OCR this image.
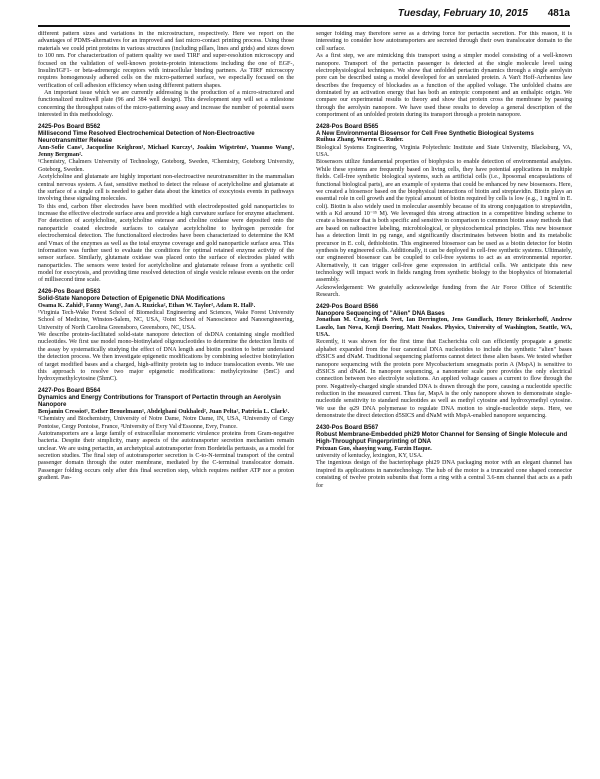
Tuesday, February 10, 2015 481a

different pattern sizes and variations in the microstructure, respectively. Here we report on the advantages of PDMS-alternatives for an improved and fast micro-contact printing process. Using those materials we could print proteins in various structures (including pillars, lines and grids) and sizes down to 100 nm. For characterization of pattern quality we used TIRF and super-resolution microscopy and focused on the validation of well-known protein-protein interactions including the one of EGF-, Insulin/IGF1- or beta-adrenergic receptors with intracellular binding partners. As TIRF microscopy requires homogenously adhered cells on the micro-patterned surface, we especially focused on the verification of cell adhesion efficiency when using different pattern shapes.

An important issue which we are currently addressing is the production of a micro-structured and functionalized multiwell plate (96 and 384 well design). This development step will set a milestone concerning the throughput rates of the micro-patterning assay and increase the number of potential users interested in this methodology.

2425-Pos Board B562
Millisecond Time Resolved Electrochemical Detection of Non-Electroactive Neurotransmitter Release

Ann-Sofie Cans¹, Jacqueline Keighron¹, Michael Kurczy¹, Joakim Wigström¹, Yuanmo Wang¹, Jenny Bergman².

¹Chemistry, Chalmers University of Technology, Goteborg, Sweden, ²Chemistry, Goteborg University, Goteborg, Sweden.

Acetylcholine and glutamate are highly important non-electroactive neurotransmitter in the mammalian central nervous system. A fast, sensitive method to detect the release of acetylcholine and glutamate at the surface of a single cell is needed to gather data about the kinetics of exocytosis events in pathways involving these signaling molecules.

To this end, carbon fiber electrodes have been modified with electrodeposited gold nanoparticles to increase the effective electrode surface area and provide a high curvature surface for enzyme attachment. For detection of acetylcholine, acetylcholine esterase and choline oxidase were deposited onto the nanoparticle coated electrode surfaces to catalyze acetylcholine to hydrogen peroxide for electrochemical detection. The functionalized electrodes have been characterized to determine the KM and Vmax of the enzymes as well as the total enzyme coverage and gold nanoparticle surface area. This information was further used to evaluate the conditions for optimal retained enzyme activity of the sensor surface. Similarly, glutamate oxidase was placed onto the surface of electrodes plated with nanoparticles. The sensors were tested for acetylcholine and glutamate release from a synthetic cell model for exocytosis, and providing time resolved detection of single vesicle release events on the order of millisecond time scale.

2426-Pos Board B563
Solid-State Nanopore Detection of Epigenetic DNA Modifications

Osama K. Zahid¹, Fanny Wang¹, Jan A. Ruzicka², Ethan W. Taylor², Adam R. Hall¹.

¹Virginia Tech-Wake Forest School of Biomedical Engineering and Sciences, Wake Forest University School of Medicine, Winston-Salem, NC, USA, ²Joint School of Nanoscience and Nanoengineering, University of North Carolina Greensboro, Greensboro, NC, USA.

We describe protein-facilitated solid-state nanopore detection of dsDNA containing single modified nucleotides. We first use model mono-biotinylated oligonucleotides to determine the detection limits of the assay by systematically studying the effect of DNA length and biotin position to better understand the detection process. We then investigate epigenetic modifications by combining selective biotinylation of target modified bases and a charged, high-affinity protein tag to induce translocation events. We use this approach to resolve two major epigenetic modifications: methylcytosine (5mC) and hydroxymethylcytosine (5hmC).

2427-Pos Board B564
Dynamics and Energy Contributions for Transport of Pertactin through an Aerolysin Nanopore

Benjamin Cressiot¹, Esther Brouelmann¹, Abdelghani Oukhaled², Juan Pelta², Patricia L. Clark¹.

¹Chemistry and Biochemistry, University of Notre Dame, Notre Dame, IN, USA, ²University of Cergy Pontoise, Cergy Pontoise, France, ³University of Evry Val d'Essonne, Evry, France.

Autotransporters are a large family of extracellular monomeric virulence proteins from Gram-negative bacteria. Despite their simplicity, many aspects of the autotransporter secretion mechanism remain unclear. We are using pertactin, an archetypical autotransporter from Bordetella pertussis, as a model for secretion studies. The final step of autotransporter secretion is C-to-N-terminal transport of the central passenger domain through the outer membrane, mediated by the C-terminal translocator domain. Passenger folding occurs only after this final secretion step, which requires neither ATP nor a proton gradient. Pas-

senger folding may therefore serve as a driving force for pertactin secretion. For this reason, it is interesting to consider how autotransporters are secreted through their own translocator domain to the cell surface.

As a first step, we are mimicking this transport using a simpler model consisting of a well-known nanopore. Transport of the pertactin passenger is detected at the single molecule level using electrophysiological techniques. We show that unfolded pertactin dynamics through a single aerolysin pore can be described using a model developed for an unrelated protein. A Van't Hoff-Arrhenius law describes the frequency of blockades as a function of the applied voltage. The unfolded chains are dominated by an activation energy that has both an entropic component and an enthalpic origin. We compare our experimental results to theory and show that protein cross the membrane by passing through the aerolysin nanopore. We have used these results to develop a general description of the comportment of an unfolded protein during its transport through a protein nanopore.

2428-Pos Board B565
A New Environmental Biosensor for Cell Free Synthetic Biological Systems

Ruihua Zhang, Warren C. Ruder.

Biological Systems Engineering, Virginia Polytechnic Institute and State University, Blacksburg, VA, USA.

Biosensors utilize fundamental properties of biophysics to enable detection of environmental analytes. While these systems are frequently based on living cells, they have potential applications in multiple fields. Cell-free synthetic biological systems, such as artificial cells (i.e., liposomal encapsulations of functional biological parts), are an example of systems that could be enhanced by new biosensors. Here, we created a biosensor based on the biophysical interactions of biotin and streptavidin. Biotin plays an essential role in cell growth and the typical amount of biotin required by cells is low (e.g., 1 ng/ml in E. coli). Biotin is also widely used in molecular assembly because of its strong conjugation to streptavidin, with a Kd around 10⁻¹⁵ M). We leveraged this strong attraction in a competitive binding scheme to create a biosensor that is both specific and sensitive in comparison to common biotin assay methods that are based on radioactive labeling, microbiological, or physicochemical principles. This new biosensor has a detection limit in pg range, and significantly discriminates between biotin and its metabolic precursor in E. coli, dethiobiotin. This engineered biosensor can be used as a biotin detector for biotin synthesis by engineered cells. Additionally, it can be deployed in cell-free synthetic systems. Ultimately, our engineered biosensor can be coupled to cell-free systems to act as an environmental reporter. Alternatively, it can trigger cell-free gene expression in artificial cells. We anticipate this new technology will impact work in fields ranging from synthetic biology to the biophysics of biomaterial assembly.

Acknowledgement: We gratefully acknowledge funding from the Air Force Office of Scientific Research.

2429-Pos Board B566
Nanopore Sequencing of "Alien" DNA Bases

Jonathan M. Craig, Mark Svet, Ian Derrington, Jens Gundlach, Henry Brinkerhoff, Andrew Laszlo, Ian Nova, Kenji Doering, Matt Noakes. Physics, University of Washington, Seattle, WA, USA.

Recently, it was shown for the first time that Escherichia coli can efficiently propagate a genetic alphabet expanded from the four canonical DNA nucleotides to include the synthetic "alien" bases d5SICS and dNaM. Traditional sequencing platforms cannot detect these alien bases. We tested whether nanopore sequencing with the protein pore Mycobacterium smegmatis porin A (MspA) is sensitive to d5SICS and dNaM. In nanopore sequencing, a nanometer scale pore provides the only electrical connection between two electrolyte solutions. An applied voltage causes a current to flow through the pore. Negatively-charged single stranded DNA is drawn through the pore, causing a nucleotide specific reduction in the measured current. Thus far, MspA is the only nanopore shown to demonstrate single-nucleotide sensitivity to standard nucleotides as well as methyl cytosine and hydroxymethyl cytosine. We use the φ29 DNA polymerase to regulate DNA motion to single-nucleotide steps. Here, we demonstrate the direct detection d5SICS and dNaM with MspA-enabled nanopore sequencing.

2430-Pos Board B567
Robust Membrane-Embedded phi29 Motor Channel for Sensing of Single Molecule and High-Throughput Fingerprinting of DNA

Peixuan Guo, shaoying wang, Farzin Haque.

university of kentucky, lexington, KY, USA.

The ingenious design of the bacteriophage phi29 DNA packaging motor with an elegant channel has inspired its applications in nanotechnology. The hub of the motor is a truncated cone shaped connector consisting of twelve protein subunits that form a ring with a central 3.6-nm channel that acts as a path for
